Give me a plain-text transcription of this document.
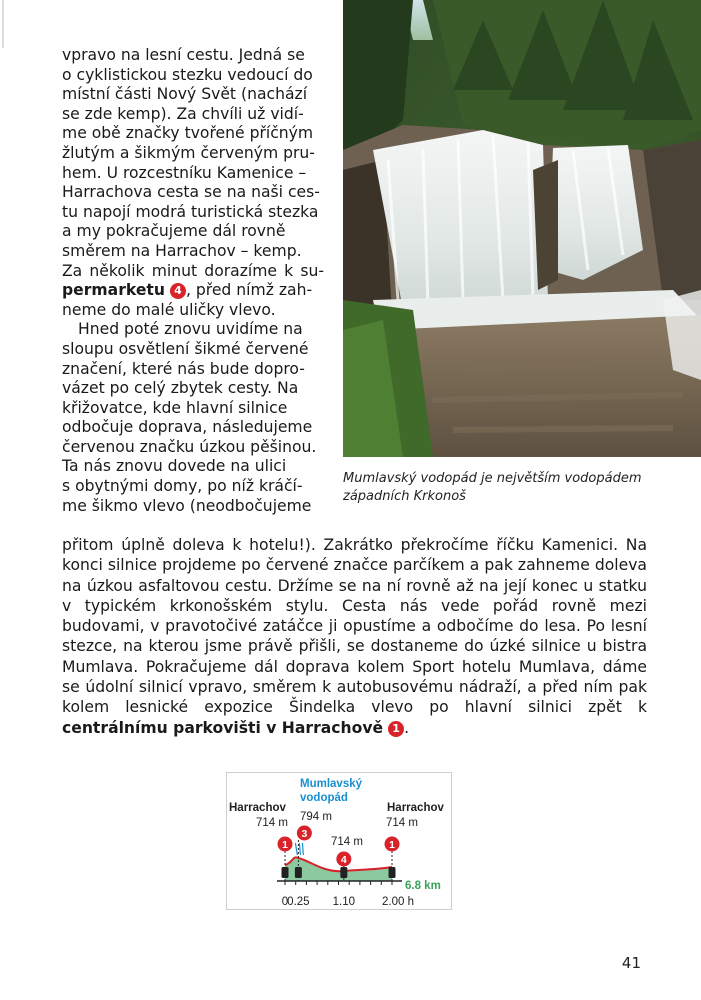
vpravo na lesní cestu. Jedná se
o cyklistickou stezku vedoucí do
místní části Nový Svět (nachází
se zde kemp). Za chvíli už vidí-
me obě značky tvořené příčným
žlutým a šikmým červeným pru-
hem. U rozcestníku Kamenice –
Harrachova cesta se na naši ces-
tu napojí modrá turistická stezka
a my pokračujeme dál rovně
směrem na Harrachov – kemp.
Za několik minut dorazíme k su-permarketu 4 , před nímž zah-
neme do malé uličky vlevo.

Hned poté znovu uvidíme na
sloupu osvětlení šikmé červené
značení, které nás bude dopro-
vázet po celý zbytek cesty. Na
křižovatce, kde hlavní silnice
odbočuje doprava, následujeme
červenou značku úzkou pěšinou.
Ta nás znovu dovede na ulici
s obytnými domy, po níž kráčí-
me šikmo vlevo (neodbočujeme

přitom úplně doleva k hotelu!). Zakrátko překročíme říčku Kamenici. Na konci silnice projdeme po červené značce parčíkem a pak zahneme doleva na úzkou asfaltovou cestu. Držíme se na ní rovně až na její konec u statku v typickém krkonošském stylu. Cesta nás vede pořád rovně mezi budovami, v pravotočivé zatáčce ji opustíme a odbočíme do lesa. Po lesní stezce, na kterou jsme právě přišli, se dostaneme do úzké silnice u bistra Mumlava. Pokračujeme dál doprava kolem Sport hotelu Mumlava, dáme se údolní silnicí vpravo, směrem k autobusovému nádraží, a před ním pak kolem lesnické expozice Šindelka vlevo po hlavní silnici zpět k centrálnímu parkovišti v Harrachově 1 .

Mumlavský vodopád je největším vodopádem západních Krkonoš
Harrachov	Harrachov
Mumlavský
vodopád
714 m 794 m
714 m
714 m
1
3
4
1
6.8 km
0
0.25 1.10 2.00 h
41
